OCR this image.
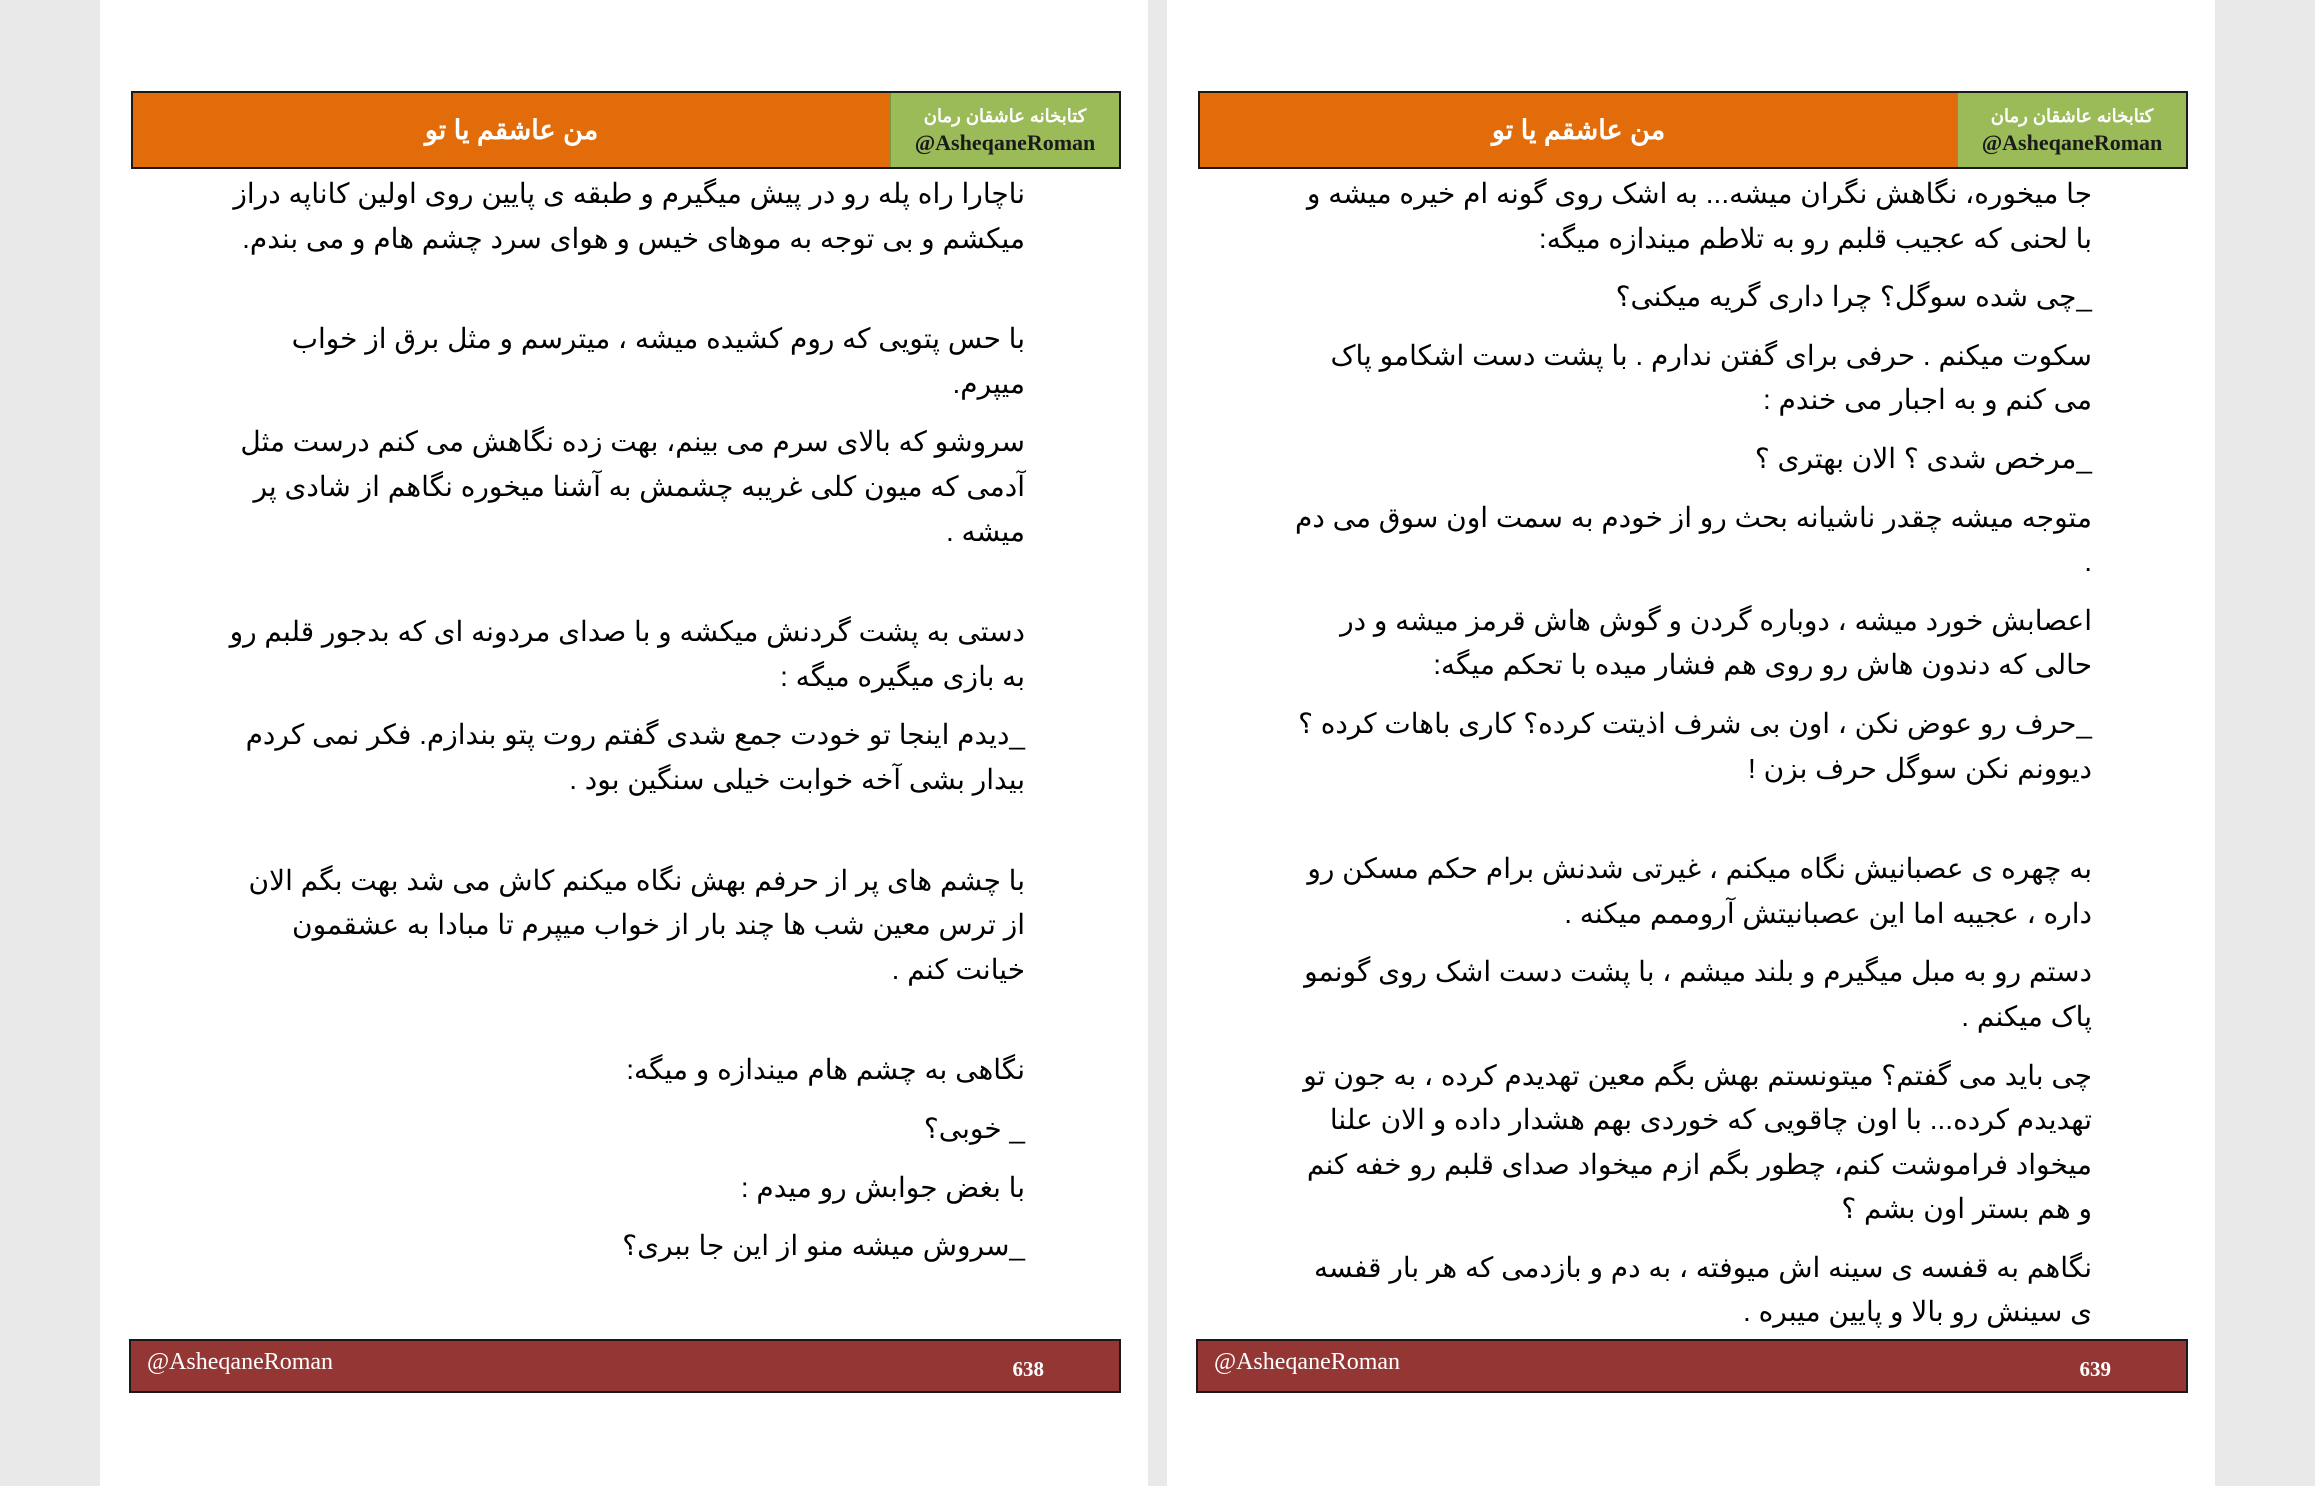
من عاشقم یا تو	کتابخانه عاشقان رمان
@AsheqaneRoman

ناچارا راه پله رو در پیش میگیرم و طبقه ی پایین روی اولین کاناپه دراز میکشم و بی توجه به موهای خیس و هوای سرد چشم هام و می بندم.

با حس پتویی که روم کشیده میشه ، میترسم و مثل برق از خواب میپرم.

سروشو که بالای سرم می بینم، بهت زده نگاهش می کنم درست مثل آدمی که میون کلی غریبه چشمش به آشنا میخوره نگاهم از شادی پر میشه .

دستی به پشت گردنش میکشه و با صدای مردونه ای که بدجور قلبم رو به بازی میگیره میگه :

_دیدم اینجا تو خودت جمع شدی گفتم روت پتو بندازم. فکر نمی کردم بیدار بشی آخه خوابت خیلی سنگین بود .

با چشم های پر از حرفم بهش نگاه میکنم کاش می شد بهت بگم الان از ترس معین شب ها چند بار از خواب میپرم تا مبادا به عشقمون خیانت کنم .

نگاهی به چشم هام میندازه و میگه:

_ خوبی؟

با بغض جوابش رو میدم :

_سروش میشه منو از این جا ببری؟

@AsheqaneRoman	638
من عاشقم یا تو	کتابخانه عاشقان رمان
@AsheqaneRoman

جا میخوره، نگاهش نگران میشه... به اشک روی گونه ام خیره میشه و با لحنی که عجیب قلبم رو به تلاطم میندازه میگه:

_چی شده سوگل؟ چرا داری گریه میکنی؟

سکوت میکنم . حرفی برای گفتن ندارم . با پشت دست اشکامو پاک می کنم و به اجبار می خندم :

_مرخص شدی ؟ الان بهتری ؟

متوجه میشه چقدر ناشیانه بحث رو از خودم به سمت اون سوق می دم .

اعصابش خورد میشه ، دوباره گردن و گوش هاش قرمز میشه و در حالی که دندون هاش رو روی هم فشار میده با تحکم میگه:

_حرف رو عوض نکن ، اون بی شرف اذیتت کرده؟ کاری باهات کرده ؟ دیوونم نکن سوگل حرف بزن !

به چهره ی عصبانیش نگاه میکنم ، غیرتی شدنش برام حکم مسکن رو داره ، عجیبه اما این عصبانیتش آروممم میکنه .

دستم رو به مبل میگیرم و بلند میشم ، با پشت دست اشک روی گونمو پاک میکنم .

چی باید می گفتم؟ میتونستم بهش بگم معین تهدیدم کرده ، به جون تو تهدیدم کرده... با اون چاقویی که خوردی بهم هشدار داده و الان علنا میخواد فراموشت کنم، چطور بگم ازم میخواد صدای قلبم رو خفه کنم و هم بستر اون بشم ؟

نگاهم به قفسه ی سینه اش میوفته ، به دم و بازدمی که هر بار قفسه ی سینش رو بالا و پایین میبره .

@AsheqaneRoman	639
